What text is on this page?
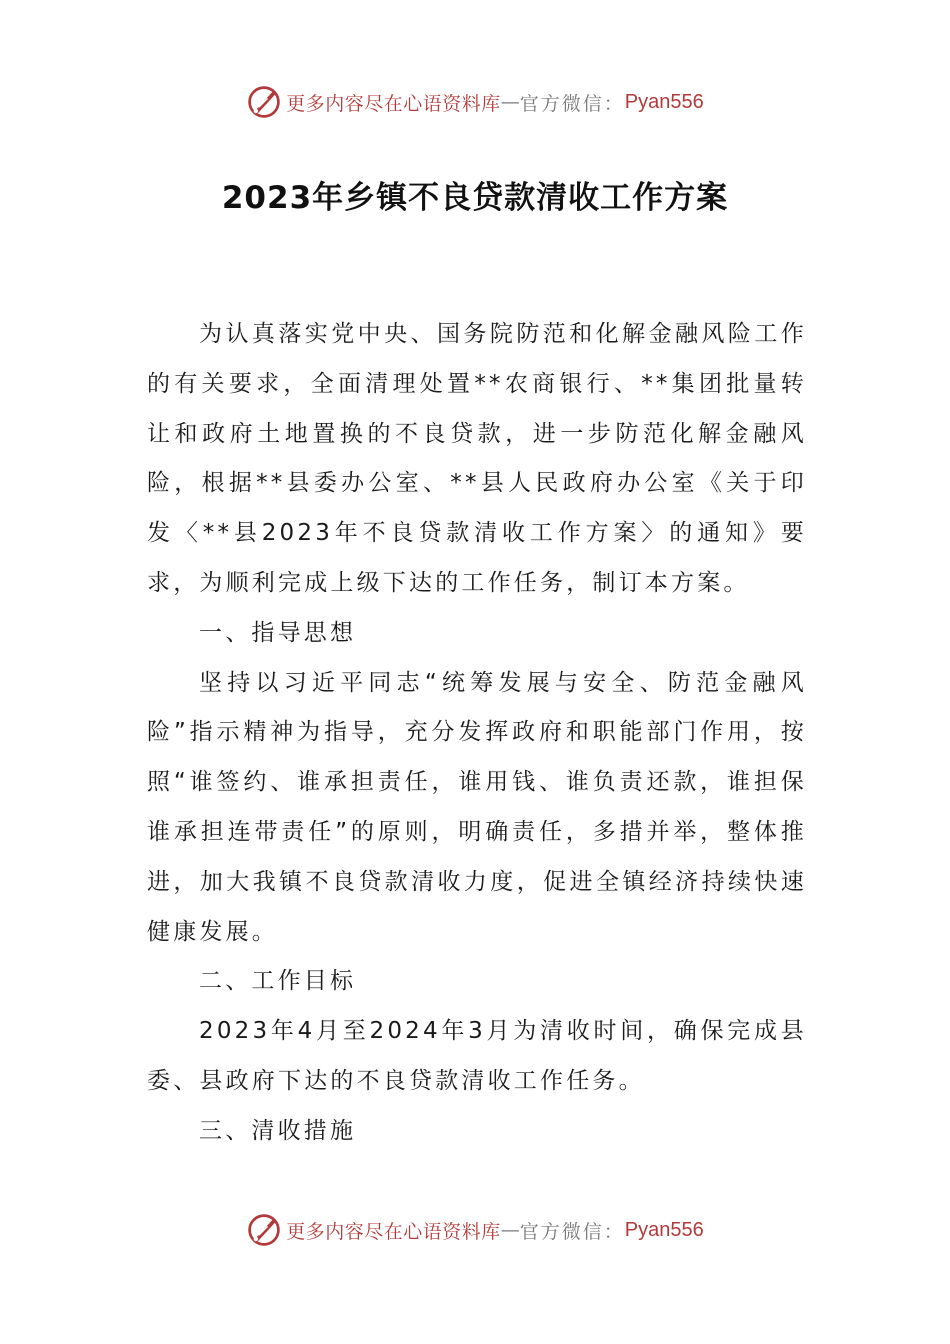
更多内容尽在心语资料库 — 官方微信： Pyan556
2023年乡镇不良贷款清收工作方案

为认真落实党中央、国务院防范和化解金融风险工作的有关要求，全面清理处置**农商银行、**集团批量转让和政府土地置换的不良贷款，进一步防范化解金融风险，根据**县委办公室、**县人民政府办公室《关于印发〈**县2023年不良贷款清收工作方案〉的通知》要求，为顺利完成上级下达的工作任务，制订本方案。

一、指导思想

坚持以习近平同志“统筹发展与安全、防范金融风险”指示精神为指导，充分发挥政府和职能部门作用，按照“谁签约、谁承担责任，谁用钱、谁负责还款，谁担保谁承担连带责任”的原则，明确责任，多措并举，整体推进，加大我镇不良贷款清收力度，促进全镇经济持续快速健康发展。

二、工作目标

2023年4月至2024年3月为清收时间，确保完成县委、县政府下达的不良贷款清收工作任务。

三、清收措施

更多内容尽在心语资料库 — 官方微信： Pyan556
